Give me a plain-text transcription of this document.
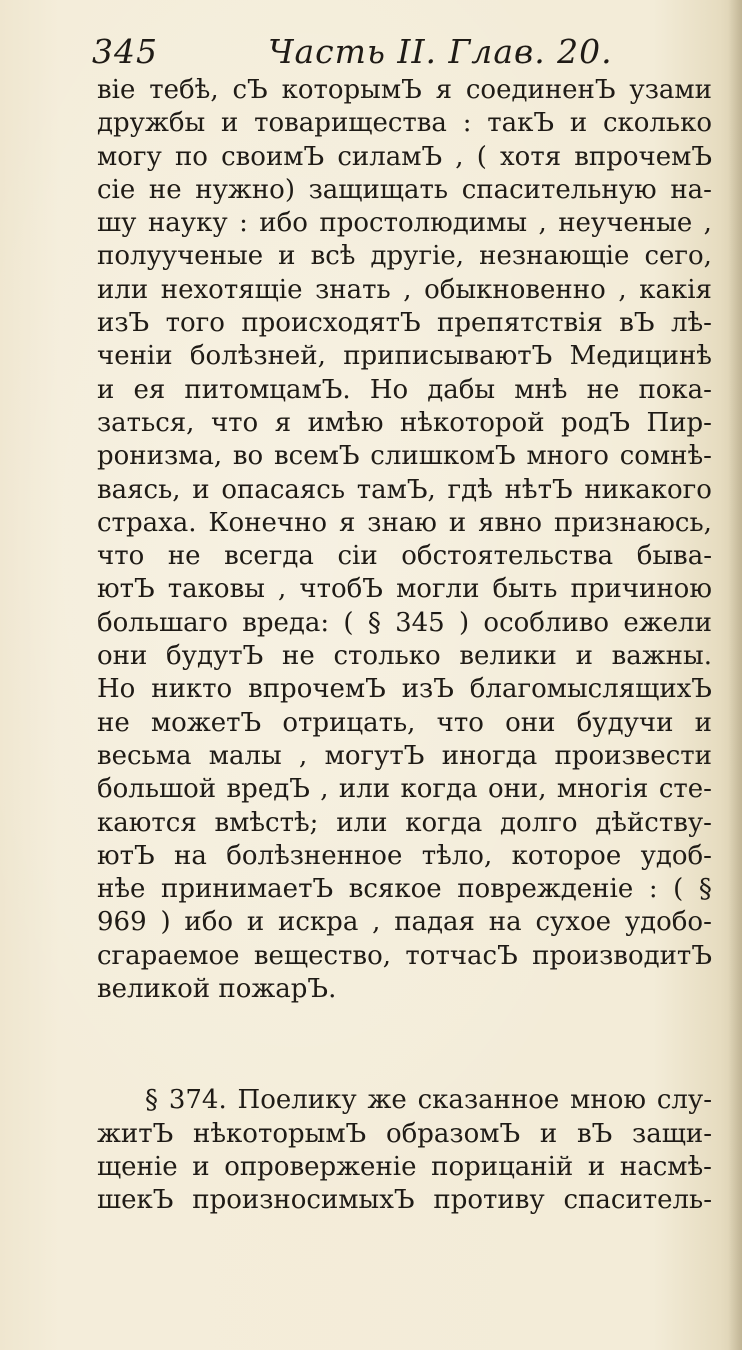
345	Часть II. Глав. 20.
віе тебѣ, сЪ которымЪ я соединенЪ узами
дружбы и товарищества : такЪ и сколько
могу по своимЪ силамЪ , ( хотя впрочемЪ
сіе не нужно) защищать спасительную на-
шу науку : ибо простолюдимы , неученые ,
полуученые и всѣ другіе, незнающіе сего,
или нехотящіе знать , обыкновенно , какія
изЪ того происходятЪ препятствія вЪ лѣ-
ченіи болѣзней, приписываютЪ Медицинѣ
и ея питомцамЪ. Но дабы мнѣ не пока-
заться, что я имѣю нѣкоторой родЪ Пир-
ронизма, во всемЪ слишкомЪ много сомнѣ-
ваясь, и опасаясь тамЪ, гдѣ нѣтЪ никакого
страха. Конечно я знаю и явно признаюсь,
что не всегда сіи обстоятельства быва-
ютЪ таковы , чтобЪ могли быть причиною
большаго вреда: ( § 345 ) особливо ежели
они будутЪ не столько велики и важны.
Но никто впрочемЪ изЪ благомыслящихЪ
не можетЪ отрицать, что они будучи и
весьма малы , могутЪ иногда произвести
большой вредЪ , или когда они, многія сте-
каются вмѣстѣ; или когда долго дѣйству-
ютЪ на болѣзненное тѣло, которое удоб-
нѣе принимаетЪ всякое поврежденіе : ( §
969 ) ибо и искра , падая на сухое удобо-
сгараемое вещество, тотчасЪ производитЪ
великой пожарЪ.
§ 374. Поелику же сказанное мною слу-
житЪ нѣкоторымЪ образомЪ и вЪ защи-
щеніе и опроверженіе порицаній и насмѣ-
шекЪ произносимыхЪ противу спаситель-
